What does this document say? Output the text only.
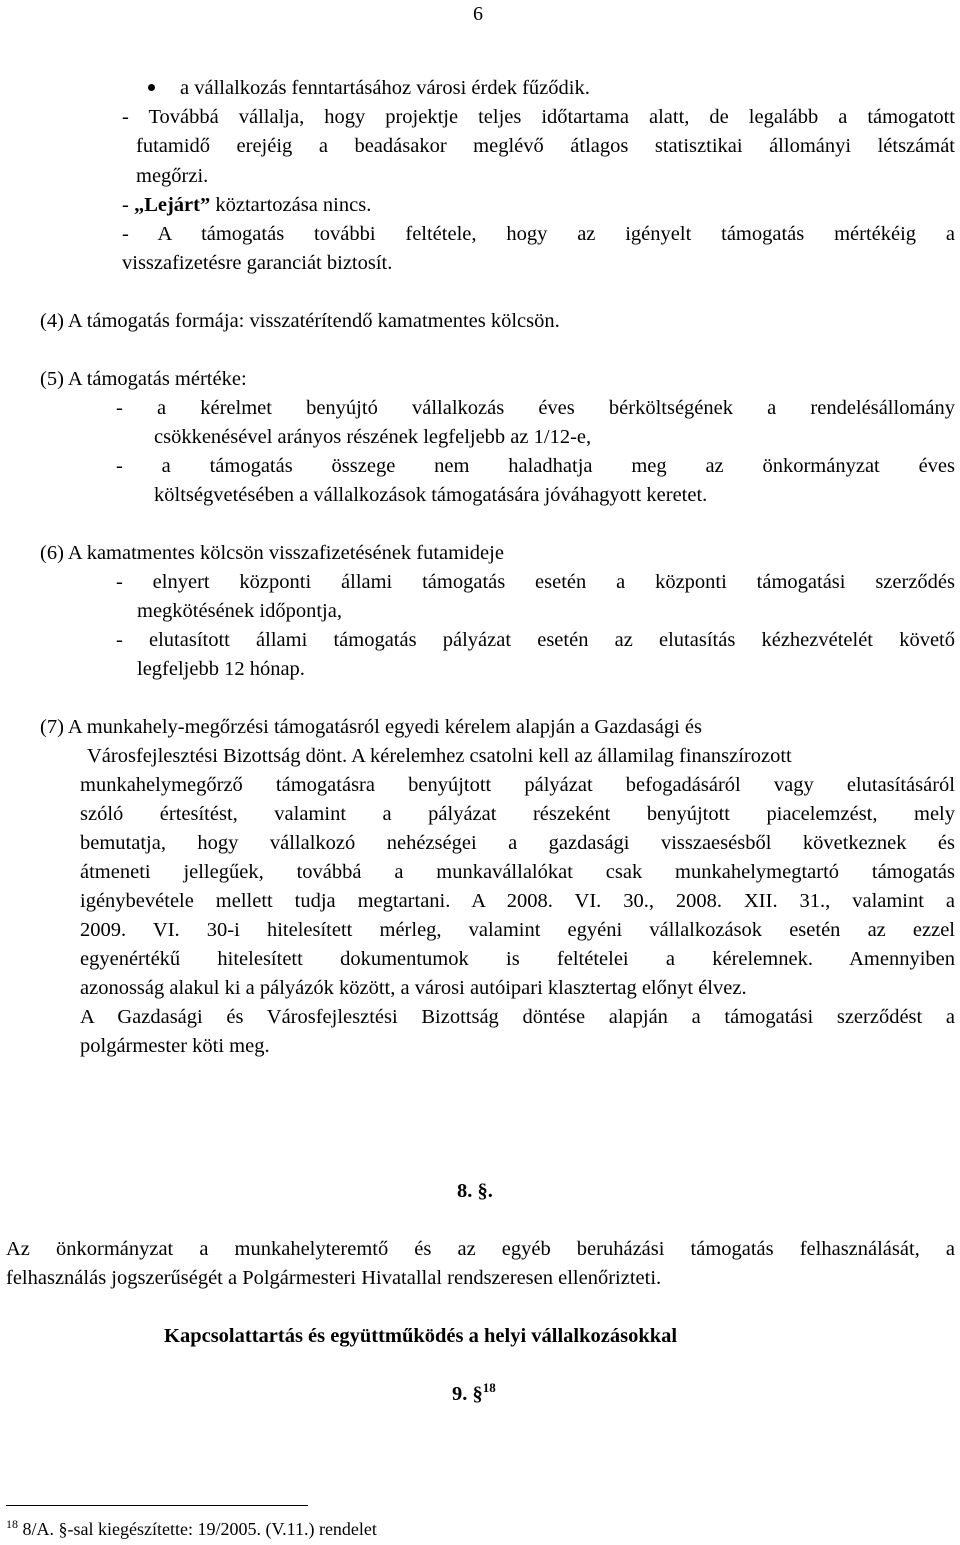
6
a vállalkozás fenntartásához városi érdek fűződik.
- Továbbá vállalja, hogy projektje teljes időtartama alatt, de legalább a támogatott
futamidő erejéig a beadásakor meglévő átlagos statisztikai állományi létszámát
megőrzi.
- „Lejárt” köztartozása nincs.
- A támogatás további feltétele, hogy az igényelt támogatás mértékéig a
visszafizetésre garanciát biztosít.
(4) A támogatás formája: visszatérítendő kamatmentes kölcsön.
(5) A támogatás mértéke:
- a kérelmet benyújtó vállalkozás éves bérköltségének a rendelésállomány
csökkenésével arányos részének legfeljebb az 1/12-e,
- a támogatás összege nem haladhatja meg az önkormányzat éves
költségvetésében a vállalkozások támogatására jóváhagyott keretet.
(6) A kamatmentes kölcsön visszafizetésének futamideje
- elnyert központi állami támogatás esetén a központi támogatási szerződés
megkötésének időpontja,
- elutasított állami támogatás pályázat esetén az elutasítás kézhezvételét követő
legfeljebb 12 hónap.
(7) A munkahely-megőrzési támogatásról egyedi kérelem alapján a Gazdasági és
Városfejlesztési Bizottság dönt. A kérelemhez csatolni kell az államilag finanszírozott
munkahelymegőrző támogatásra benyújtott pályázat befogadásáról vagy elutasításáról
szóló értesítést, valamint a pályázat részeként benyújtott piacelemzést, mely
bemutatja, hogy vállalkozó nehézségei a gazdasági visszaesésből következnek és
átmeneti jellegűek, továbbá a munkavállalókat csak munkahelymegtartó támogatás
igénybevétele mellett tudja megtartani. A 2008. VI. 30., 2008. XII. 31., valamint a
2009. VI. 30-i hitelesített mérleg, valamint egyéni vállalkozások esetén az ezzel
egyenértékű hitelesített dokumentumok is feltételei a kérelemnek. Amennyiben
azonosság alakul ki a pályázók között, a városi autóipari klasztertag előnyt élvez.
A Gazdasági és Városfejlesztési Bizottság döntése alapján a támogatási szerződést a
polgármester köti meg.
8. §.
Az önkormányzat a munkahelyteremtő és az egyéb beruházási támogatás felhasználását, a
felhasználás jogszerűségét a Polgármesteri Hivatallal rendszeresen ellenőrizteti.
Kapcsolattartás és együttműködés a helyi vállalkozásokkal
9. §$^{18}$
$^{18}$ 8/A. §-sal kiegészítette: 19/2005. (V.11.) rendelet
